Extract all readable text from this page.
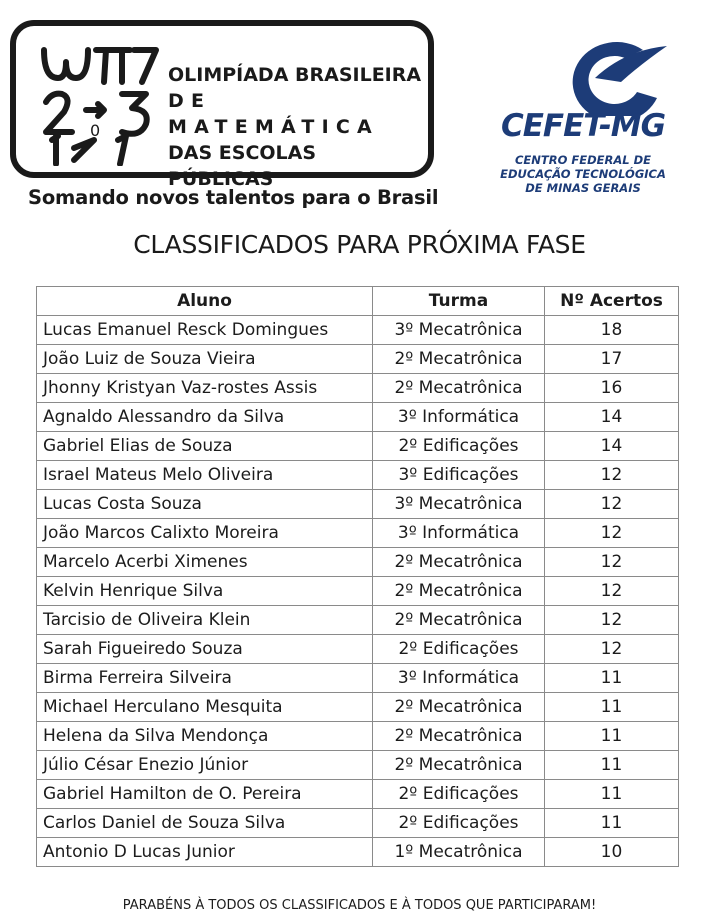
0
OLIMPÍADA BRASILEIRA
DE MATEMÁTICA
DAS ESCOLAS PÚBLICAS
Somando novos talentos para o Brasil
CEFET-MG
CENTRO FEDERAL DE
EDUCAÇÃO TECNOLÓGICA
DE MINAS GERAIS
CLASSIFICADOS PARA PRÓXIMA FASE
Aluno	Turma	Nº Acertos
Lucas Emanuel Resck Domingues	3º Mecatrônica	18
João Luiz de Souza Vieira	2º Mecatrônica	17
Jhonny Kristyan Vaz-rostes Assis	2º Mecatrônica	16
Agnaldo Alessandro da Silva	3º Informática	14
Gabriel Elias de Souza	2º Edificações	14
Israel Mateus Melo Oliveira	3º Edificações	12
Lucas Costa Souza	3º Mecatrônica	12
João Marcos Calixto Moreira	3º Informática	12
Marcelo Acerbi Ximenes	2º Mecatrônica	12
Kelvin Henrique Silva	2º Mecatrônica	12
Tarcisio de Oliveira Klein	2º Mecatrônica	12
Sarah Figueiredo Souza	2º Edificações	12
Birma Ferreira Silveira	3º Informática	11
Michael Herculano Mesquita	2º Mecatrônica	11
Helena da Silva Mendonça	2º Mecatrônica	11
Júlio César Enezio Júnior	2º Mecatrônica	11
Gabriel Hamilton de O. Pereira	2º Edificações	11
Carlos Daniel de Souza Silva	2º Edificações	11
Antonio D Lucas Junior	1º Mecatrônica	10
PARABÉNS À TODOS OS CLASSIFICADOS E À TODOS QUE PARTICIPARAM!
